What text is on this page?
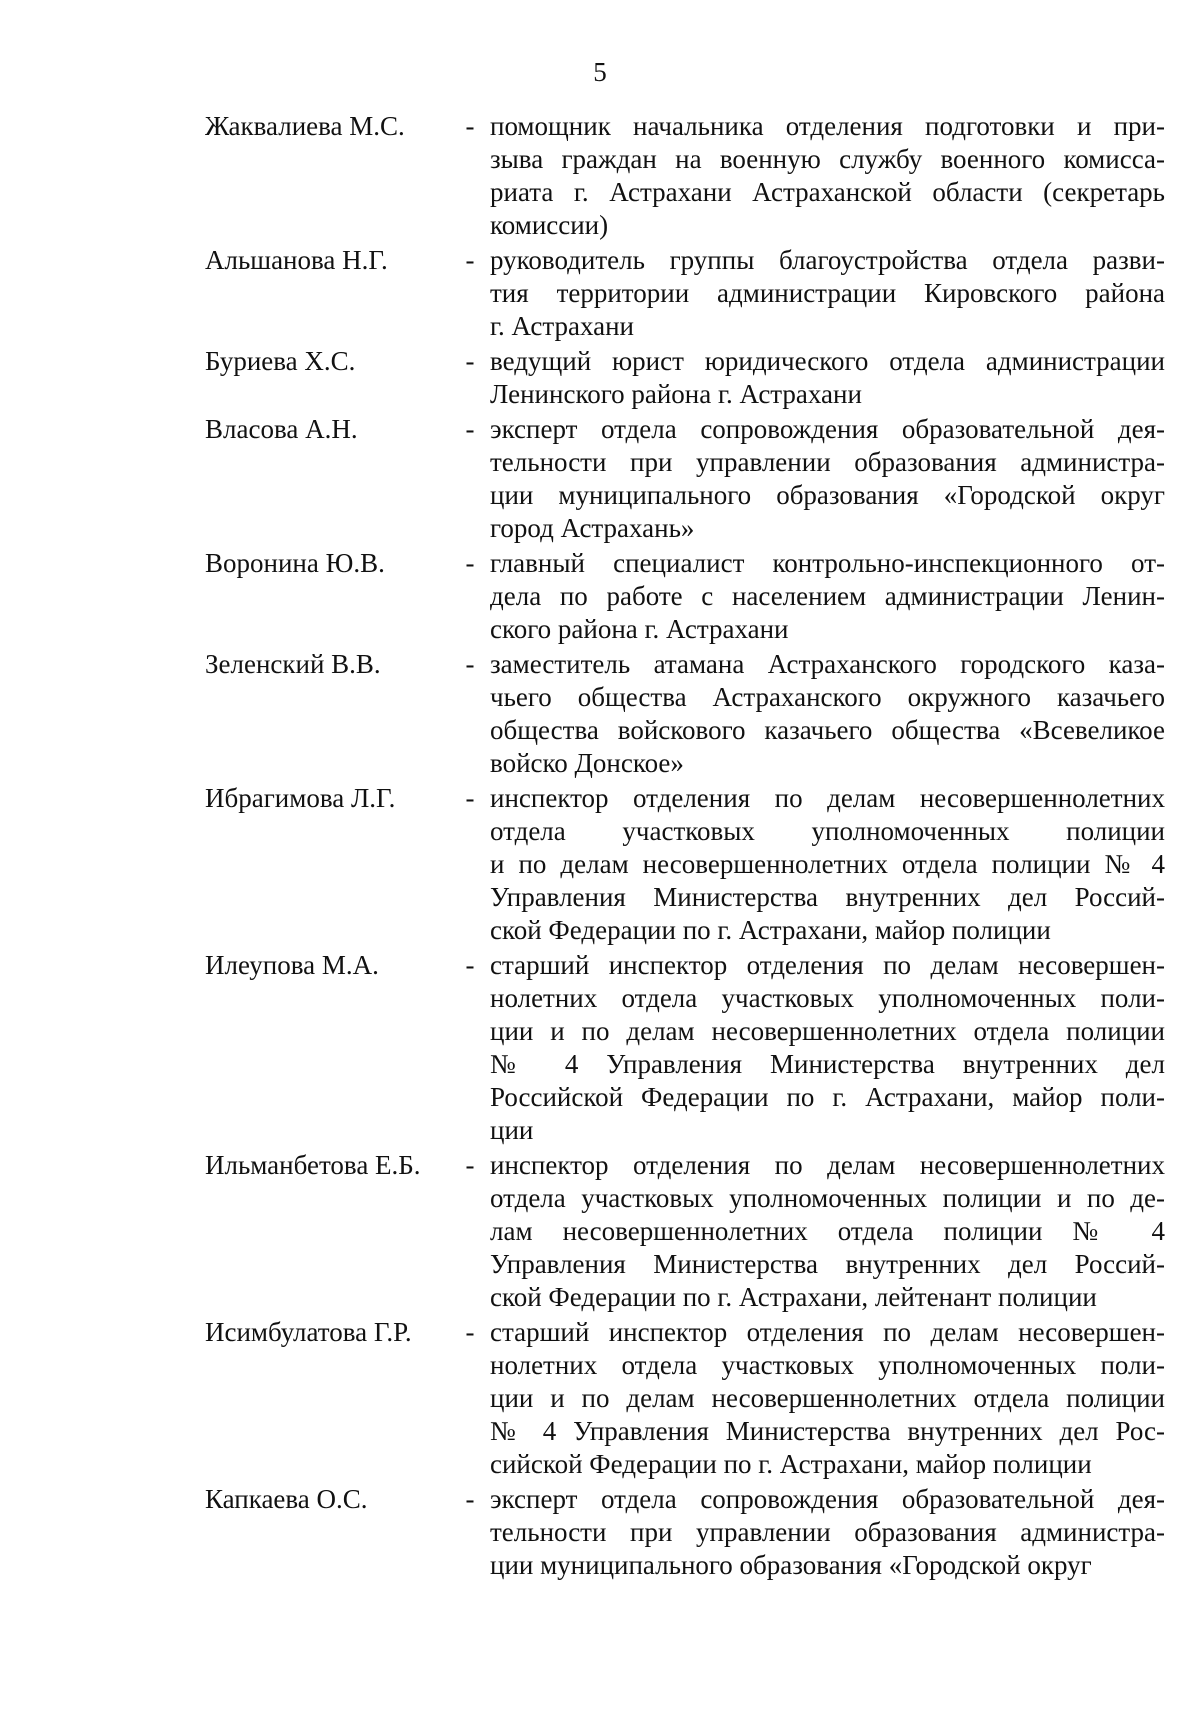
5
Жаквалиева М.С.	- помощник начальника отделения подготовки и при-
зыва граждан на военную службу военного комисса-
риата г. Астрахани Астраханской области (секретарь
комиссии)
Альшанова Н.Г.	- руководитель группы благоустройства отдела разви-
тия территории администрации Кировского района
г. Астрахани
Буриева Х.С.	- ведущий юрист юридического отдела администрации
Ленинского района г. Астрахани
Власова А.Н.	- эксперт отдела сопровождения образовательной дея-
тельности при управлении образования администра-
ции муниципального образования «Городской округ
город Астрахань»
Воронина Ю.В.	- главный специалист контрольно-инспекционного от-
дела по работе с населением администрации Ленин-
ского района г. Астрахани
Зеленский В.В.	- заместитель атамана Астраханского городского каза-
чьего общества Астраханского окружного казачьего
общества войскового казачьего общества «Всевеликое
войско Донское»
Ибрагимова Л.Г.	- инспектор отделения по делам несовершеннолетних
отдела участковых уполномоченных полиции
и по делам несовершеннолетних отдела полиции № 4
Управления Министерства внутренних дел Россий-
ской Федерации по г. Астрахани, майор полиции
Илеупова М.А.	- старший инспектор отделения по делам несовершен-
нолетних отдела участковых уполномоченных поли-
ции и по делам несовершеннолетних отдела полиции
№ 4 Управления Министерства внутренних дел
Российской Федерации по г. Астрахани, майор поли-
ции
Ильманбетова Е.Б.	- инспектор отделения по делам несовершеннолетних
отдела участковых уполномоченных полиции и по де-
лам несовершеннолетних отдела полиции № 4
Управления Министерства внутренних дел Россий-
ской Федерации по г. Астрахани, лейтенант полиции
Исимбулатова Г.Р.	- старший инспектор отделения по делам несовершен-
нолетних отдела участковых уполномоченных поли-
ции и по делам несовершеннолетних отдела полиции
№ 4 Управления Министерства внутренних дел Рос-
сийской Федерации по г. Астрахани, майор полиции
Капкаева О.С.	- эксперт отдела сопровождения образовательной дея-
тельности при управлении образования администра-
ции муниципального образования «Городской округ
